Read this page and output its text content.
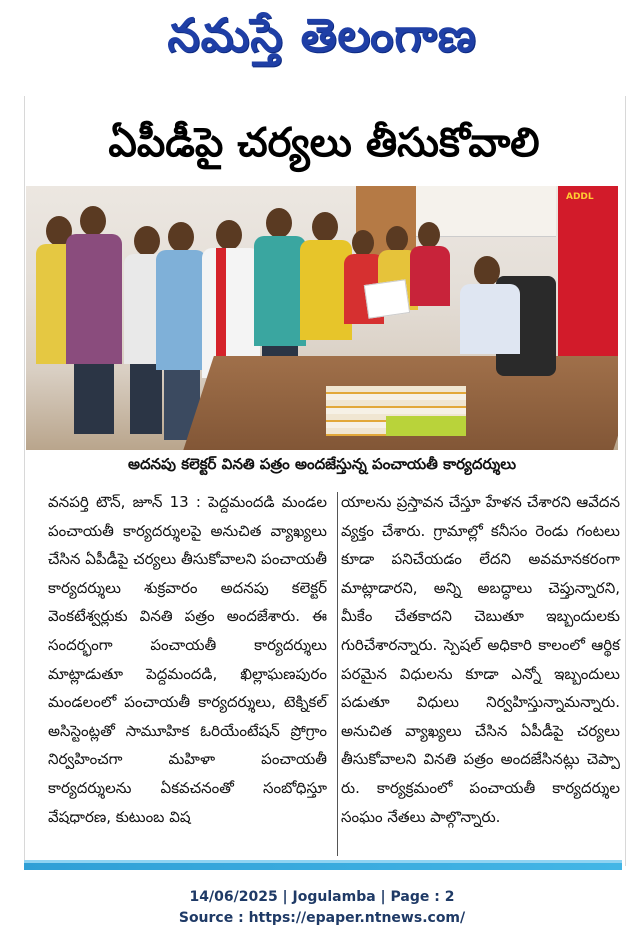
నమస్తే తెలంగాణ
ఏపీడీపై చర్యలు తీసుకోవాలి
ADDL
అదనపు కలెక్టర్ వినతి పత్రం అందజేస్తున్న పంచాయతీ కార్యదర్శులు
వనపర్తి టౌన్, జూన్ 13 : పెద్దమందడి మండల పంచాయతీ కార్యదర్శులపై అనుచిత వ్యాఖ్యలు చేసిన ఏపీడీపై చర్యలు తీసుకోవాలని పంచాయతీ కార్యదర్శులు శుక్రవారం అదనపు కలెక్టర్ వెంకటేశ్వర్లుకు వినతి పత్రం అందజేశారు. ఈ సందర్భంగా పంచాయతీ కార్యదర్శులు మాట్లాడుతూ పెద్దమందడి, ఖిల్లాఘణపురం మండలంలో పంచాయతీ కార్యదర్శులు, టెక్నికల్ అసిస్టెంట్లతో సామూహిక ఓరియేంటేషన్ ప్రోగ్రాం నిర్వహించగా మహిళా పంచాయతీ కార్యదర్శులను ఏకవచనంతో సంబోధిస్తూ వేషధారణ, కుటుంబ విష
యాలను ప్రస్తావన చేస్తూ హేళన చేశారని ఆవేదన వ్యక్తం చేశారు. గ్రామాల్లో కనీసం రెండు గంటలు కూడా పనిచేయడం లేదని అవమానకరంగా మాట్లాడారని, అన్ని అబద్ధాలు చెప్తున్నారని, మీకేం చేతకాదని చెబుతూ ఇబ్బందులకు గురిచేశారన్నారు. స్పెషల్ అధికారి కాలంలో ఆర్థిక పరమైన విధులను కూడా ఎన్నో ఇబ్బందులు పడుతూ విధులు నిర్వహిస్తున్నామన్నారు. అనుచిత వ్యాఖ్యలు చేసిన ఏపీడీపై చర్యలు తీసుకోవాలని వినతి పత్రం అందజేసినట్లు చెప్పా రు. కార్యక్రమంలో పంచాయతీ కార్యదర్శుల సంఘం నేతలు పాల్గొన్నారు.
14/06/2025 | Jogulamba | Page : 2
Source : https://epaper.ntnews.com/
